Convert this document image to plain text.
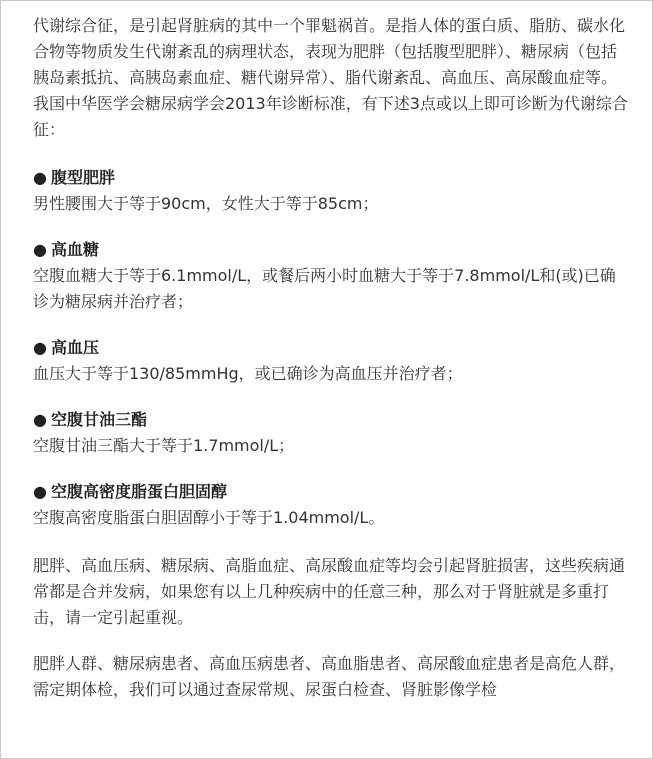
代谢综合征，是引起肾脏病的其中一个罪魁祸首。是指人体的蛋白质、脂肪、碳水化合物等物质发生代谢紊乱的病理状态，表现为肥胖（包括腹型肥胖）、糖尿病（包括胰岛素抵抗、高胰岛素血症、糖代谢异常）、脂代谢紊乱、高血压、高尿酸血症等。

我国中华医学会糖尿病学会2013年诊断标准，有下述3点或以上即可诊断为代谢综合征：

● 腹型肥胖

男性腰围大于等于90cm，女性大于等于85cm；

● 高血糖

空腹血糖大于等于6.1mmol/L，或餐后两小时血糖大于等于7.8mmol/L和(或)已确诊为糖尿病并治疗者；

● 高血压

血压大于等于130/85mmHg，或已确诊为高血压并治疗者；

● 空腹甘油三酯

空腹甘油三酯大于等于1.7mmol/L；

● 空腹高密度脂蛋白胆固醇

空腹高密度脂蛋白胆固醇小于等于1.04mmol/L。

肥胖、高血压病、糖尿病、高脂血症、高尿酸血症等均会引起肾脏损害，这些疾病通常都是合并发病，如果您有以上几种疾病中的任意三种，那么对于肾脏就是多重打击，请一定引起重视。

肥胖人群、糖尿病患者、高血压病患者、高血脂患者、高尿酸血症患者是高危人群，需定期体检，我们可以通过查尿常规、尿蛋白检查、肾脏影像学检
